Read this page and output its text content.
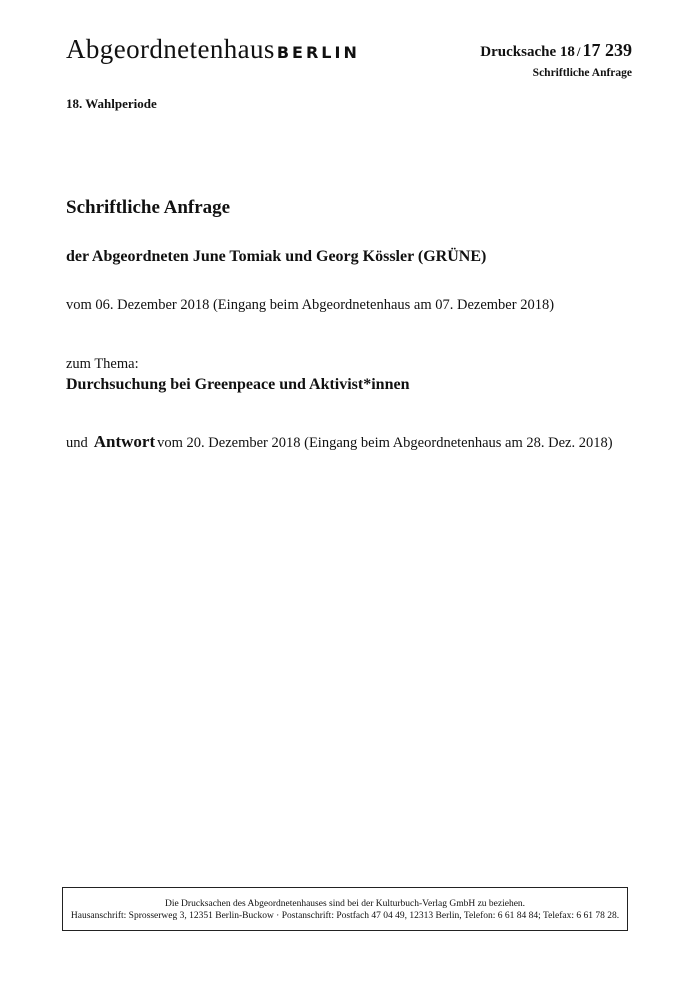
Abgeordnetenhaus BERLIN	Drucksache 18 / 17 239
Schriftliche Anfrage
18. Wahlperiode
Schriftliche Anfrage
der Abgeordneten June Tomiak und Georg Kössler (GRÜNE)
vom 06. Dezember 2018 (Eingang beim Abgeordnetenhaus am 07. Dezember 2018)
zum Thema:
Durchsuchung bei Greenpeace und Aktivist*innen
und Antwort vom 20. Dezember 2018 (Eingang beim Abgeordnetenhaus am 28. Dez. 2018)
Die Drucksachen des Abgeordnetenhauses sind bei der Kulturbuch-Verlag GmbH zu beziehen.
Hausanschrift: Sprosserweg 3, 12351 Berlin-Buckow · Postanschrift: Postfach 47 04 49, 12313 Berlin, Telefon: 6 61 84 84; Telefax: 6 61 78 28.
